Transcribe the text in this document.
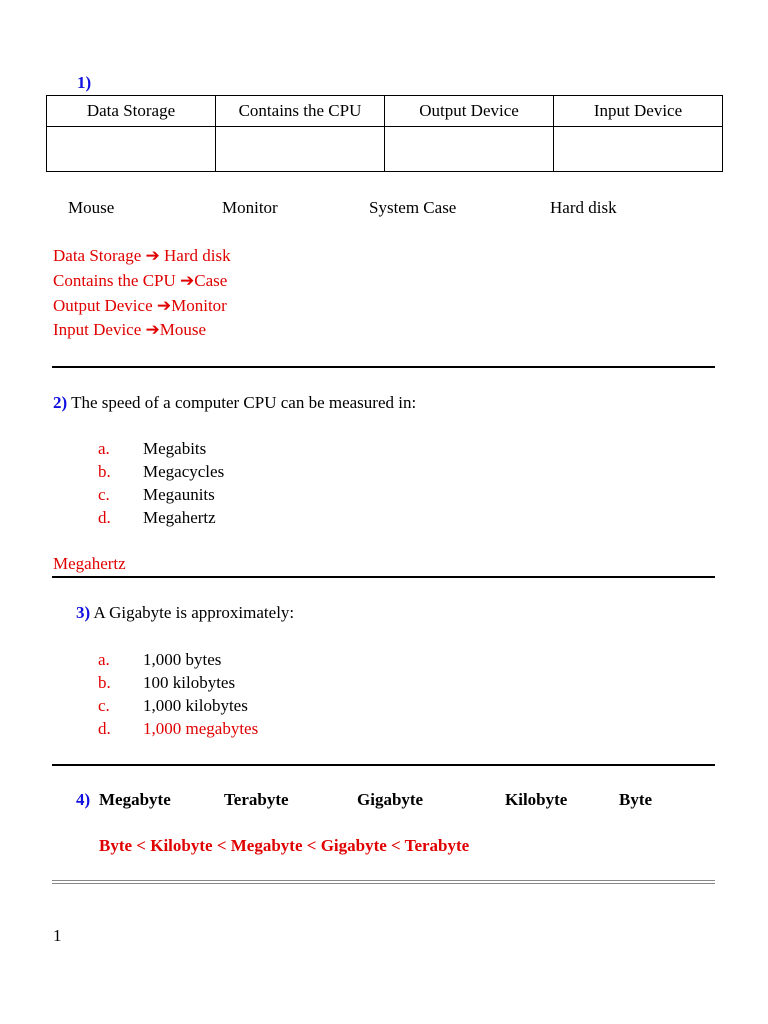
1)
Data Storage	Contains the CPU	Output Device	Input Device

Mouse	Monitor	System Case	Hard disk
Data Storage ➔ Hard disk
Contains the CPU ➔Case
Output Device ➔Monitor
Input Device ➔Mouse
2) The speed of a computer CPU can be measured in:
a. Megabits
b. Megacycles
c. Megaunits
d. Megahertz
Megahertz
3) A Gigabyte is approximately:
a. 1,000 bytes
b. 100 kilobytes
c. 1,000 kilobytes
d. 1,000 megabytes
4) Megabyte	Terabyte	Gigabyte	Kilobyte	Byte
Byte < Kilobyte < Megabyte < Gigabyte < Terabyte
1
